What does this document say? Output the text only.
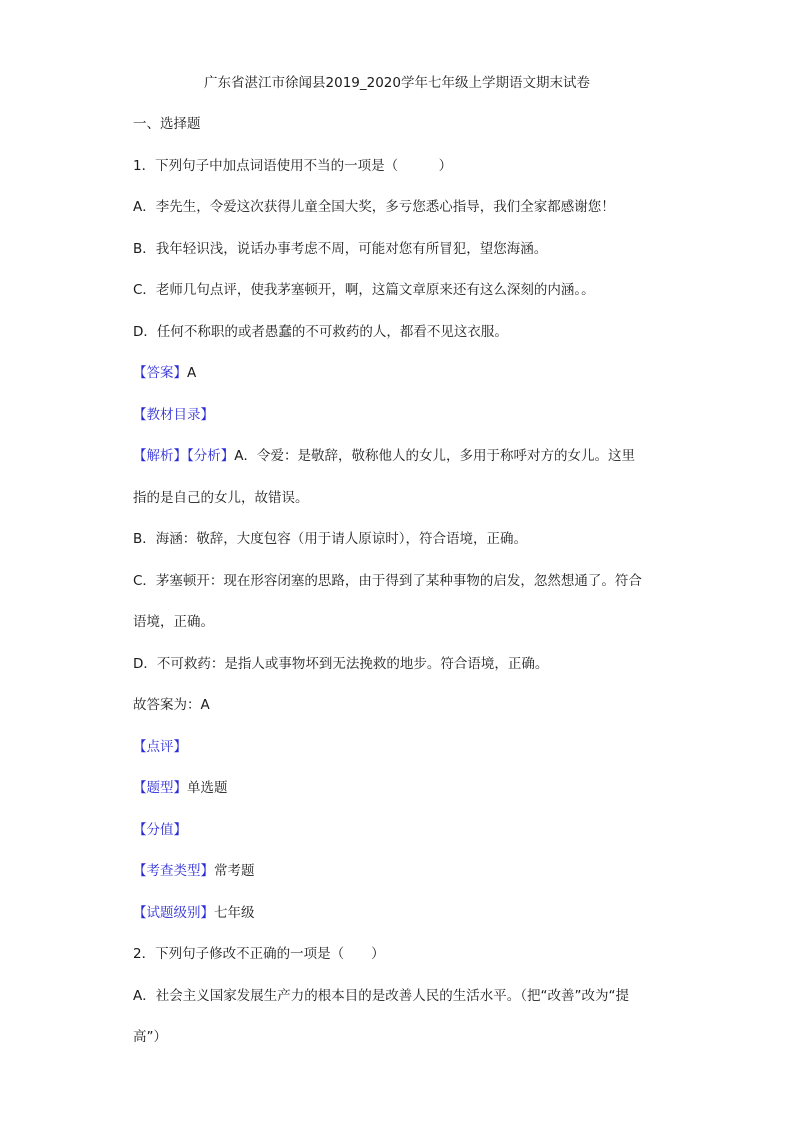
广东省湛江市徐闻县2019_2020学年七年级上学期语文期末试卷
一、选择题
1．下列句子中加点词语使用不当的一项是（　　　）
A．李先生，令爱这次获得儿童全国大奖，多亏您悉心指导，我们全家都感谢您！
B．我年轻识浅，说话办事考虑不周，可能对您有所冒犯，望您海涵。
C．老师几句点评，使我茅塞顿开，啊，这篇文章原来还有这么深刻的内涵。。
D．任何不称职的或者愚蠢的不可救药的人，都看不见这衣服。
【答案】A
【教材目录】
【解析】【分析】A．令爱：是敬辞，敬称他人的女儿，多用于称呼对方的女儿。这里
指的是自己的女儿，故错误。
B．海涵：敬辞，大度包容（用于请人原谅时），符合语境，正确。
C．茅塞顿开：现在形容闭塞的思路，由于得到了某种事物的启发，忽然想通了。符合
语境，正确。
D．不可救药：是指人或事物坏到无法挽救的地步。符合语境，正确。
故答案为：A
【点评】
【题型】单选题
【分值】
【考查类型】常考题
【试题级别】七年级
2．下列句子修改不正确的一项是（　　）
A．社会主义国家发展生产力的根本目的是改善人民的生活水平。（把“改善”改为“提
高”）
